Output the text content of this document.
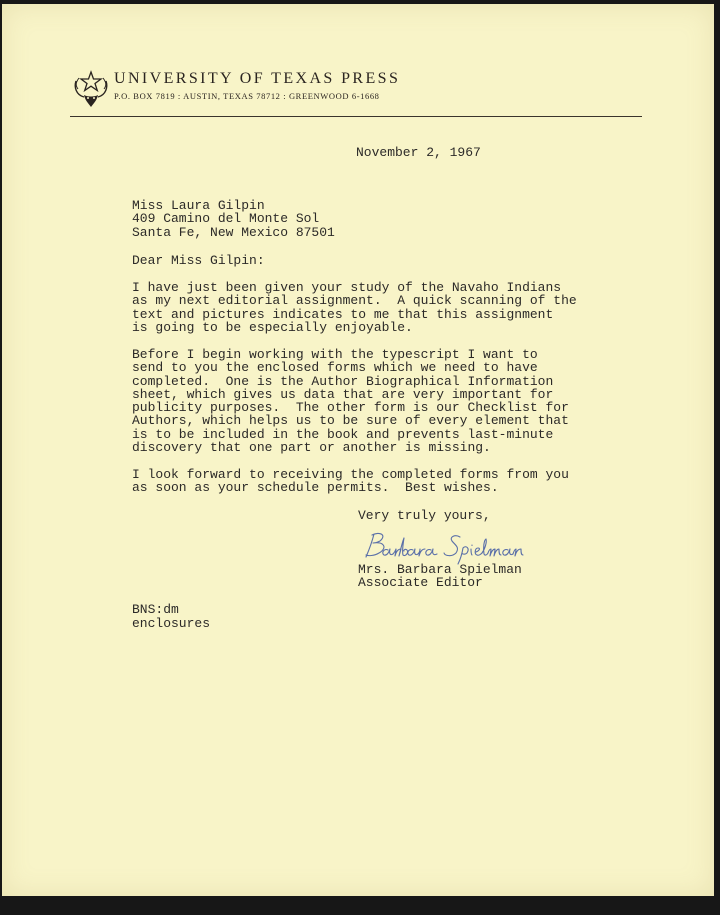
UNIVERSITY OF TEXAS PRESS
P.O. BOX 7819 : AUSTIN, TEXAS 78712 : GREENWOOD 6-1668
November 2, 1967
Miss Laura Gilpin
409 Camino del Monte Sol
Santa Fe, New Mexico 87501
Dear Miss Gilpin:
I have just been given your study of the Navaho Indians
as my next editorial assignment.  A quick scanning of the
text and pictures indicates to me that this assignment
is going to be especially enjoyable.
Before I begin working with the typescript I want to
send to you the enclosed forms which we need to have
completed.  One is the Author Biographical Information
sheet, which gives us data that are very important for
publicity purposes.  The other form is our Checklist for
Authors, which helps us to be sure of every element that
is to be included in the book and prevents last-minute
discovery that one part or another is missing.
I look forward to receiving the completed forms from you
as soon as your schedule permits.  Best wishes.
Very truly yours,
Mrs. Barbara Spielman
Associate Editor
BNS:dm
enclosures
